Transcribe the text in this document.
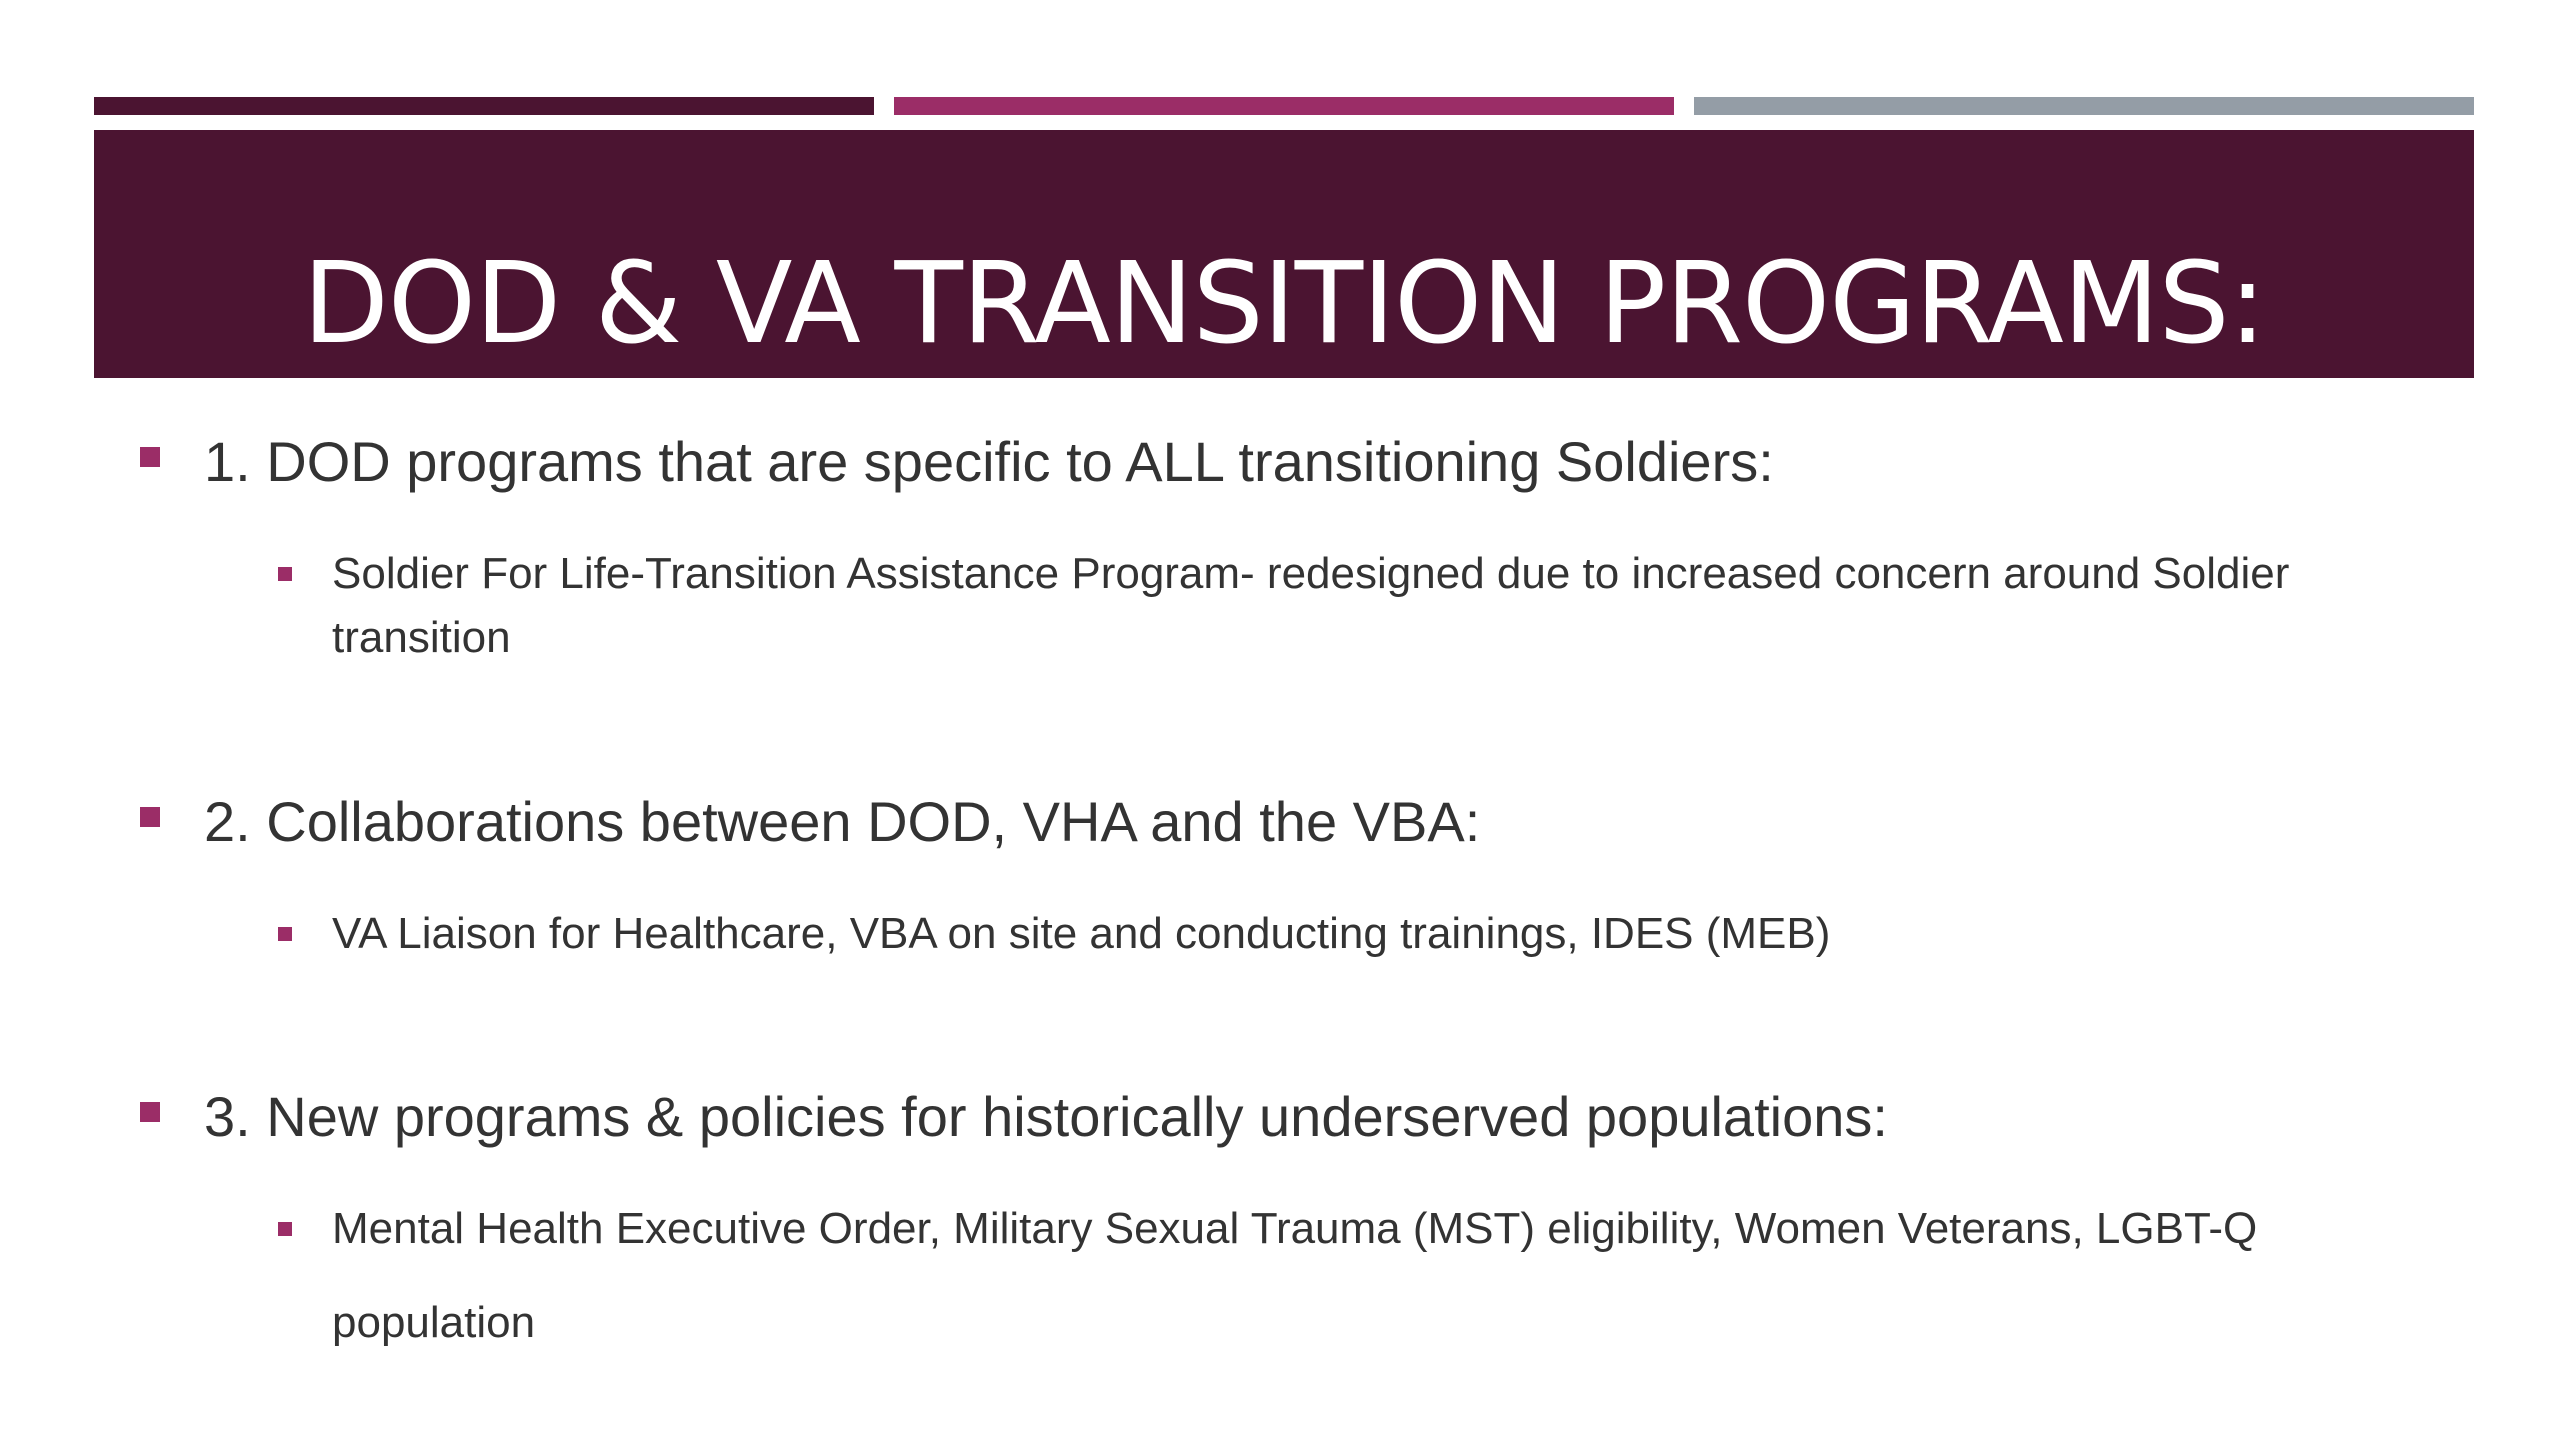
DOD & VA TRANSITION PROGRAMS:
1. DOD programs that are specific to ALL transitioning Soldiers:
Soldier For Life-Transition Assistance Program- redesigned due to increased concern around Soldier transition
2. Collaborations between DOD, VHA and the VBA:
VA Liaison for Healthcare, VBA on site and conducting trainings, IDES (MEB)
3. New programs & policies for historically underserved populations:
Mental Health Executive Order, Military Sexual Trauma (MST) eligibility, Women Veterans, LGBT-Q population
